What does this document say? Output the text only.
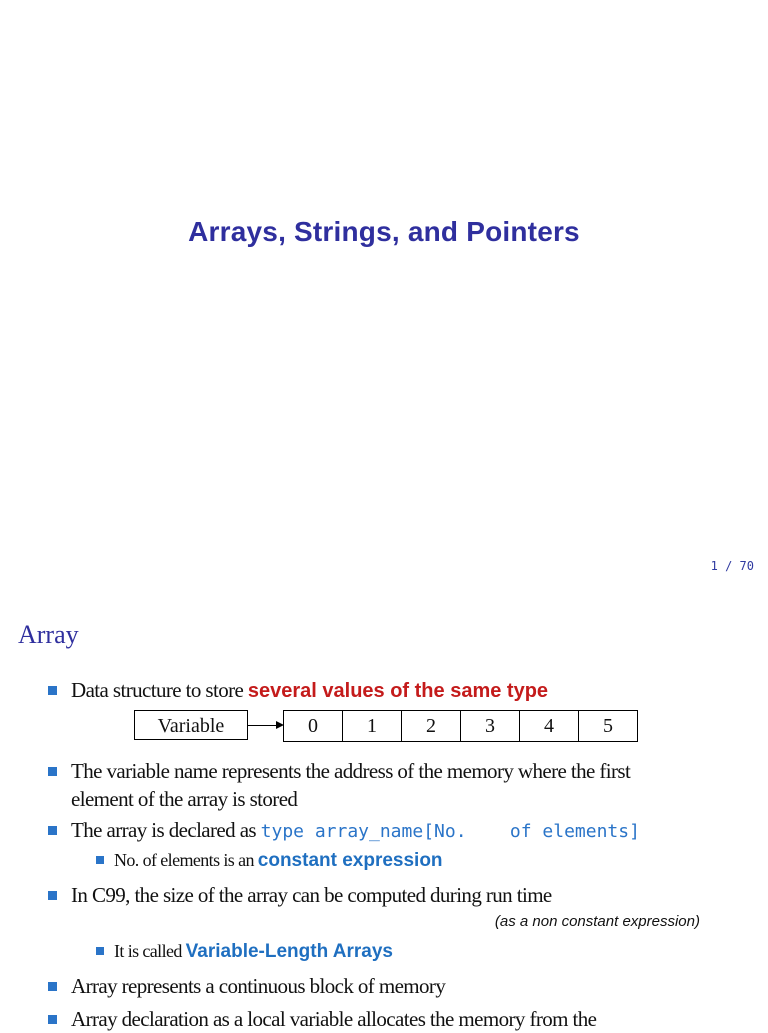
Arrays, Strings, and Pointers
1 / 70
Array
Data structure to store several values of the same type
Variable	0	1	2	3	4	5
The variable name represents the address of the memory where the first
element of the array is stored
The array is declared as type array_name[No.    of elements]
No. of elements is an constant expression
In C99, the size of the array can be computed during run time
(as a non constant expression)
It is called Variable-Length Arrays
Array represents a continuous block of memory
Array declaration as a local variable allocates the memory from the
